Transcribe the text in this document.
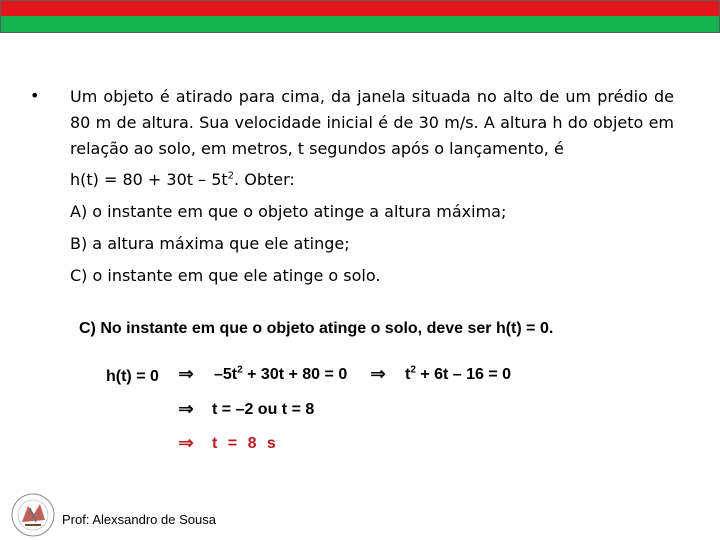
• Um objeto é atirado para cima, da janela situada no alto de um prédio de 80 m de altura. Sua velocidade inicial é de 30 m/s. A altura h do objeto em relação ao solo, em metros, t segundos após o lançamento, é

$h(t) = 80 + 30t - 5t^2$. Obter:
A) o instante em que o objeto atinge a altura máxima;
B) a altura máxima que ele atinge;
C) o instante em que ele atinge o solo.
C) No instante em que o objeto atinge o solo, deve ser h(t) = 0.
h(t) = 0 ⇒ $-5t^2 + 30t + 80 = 0$ ⇒ $t^2 + 6t - 16 = 0$
⇒ t = –2 ou t = 8
⇒ t = 8 s
Prof: Alexsandro de Sousa
